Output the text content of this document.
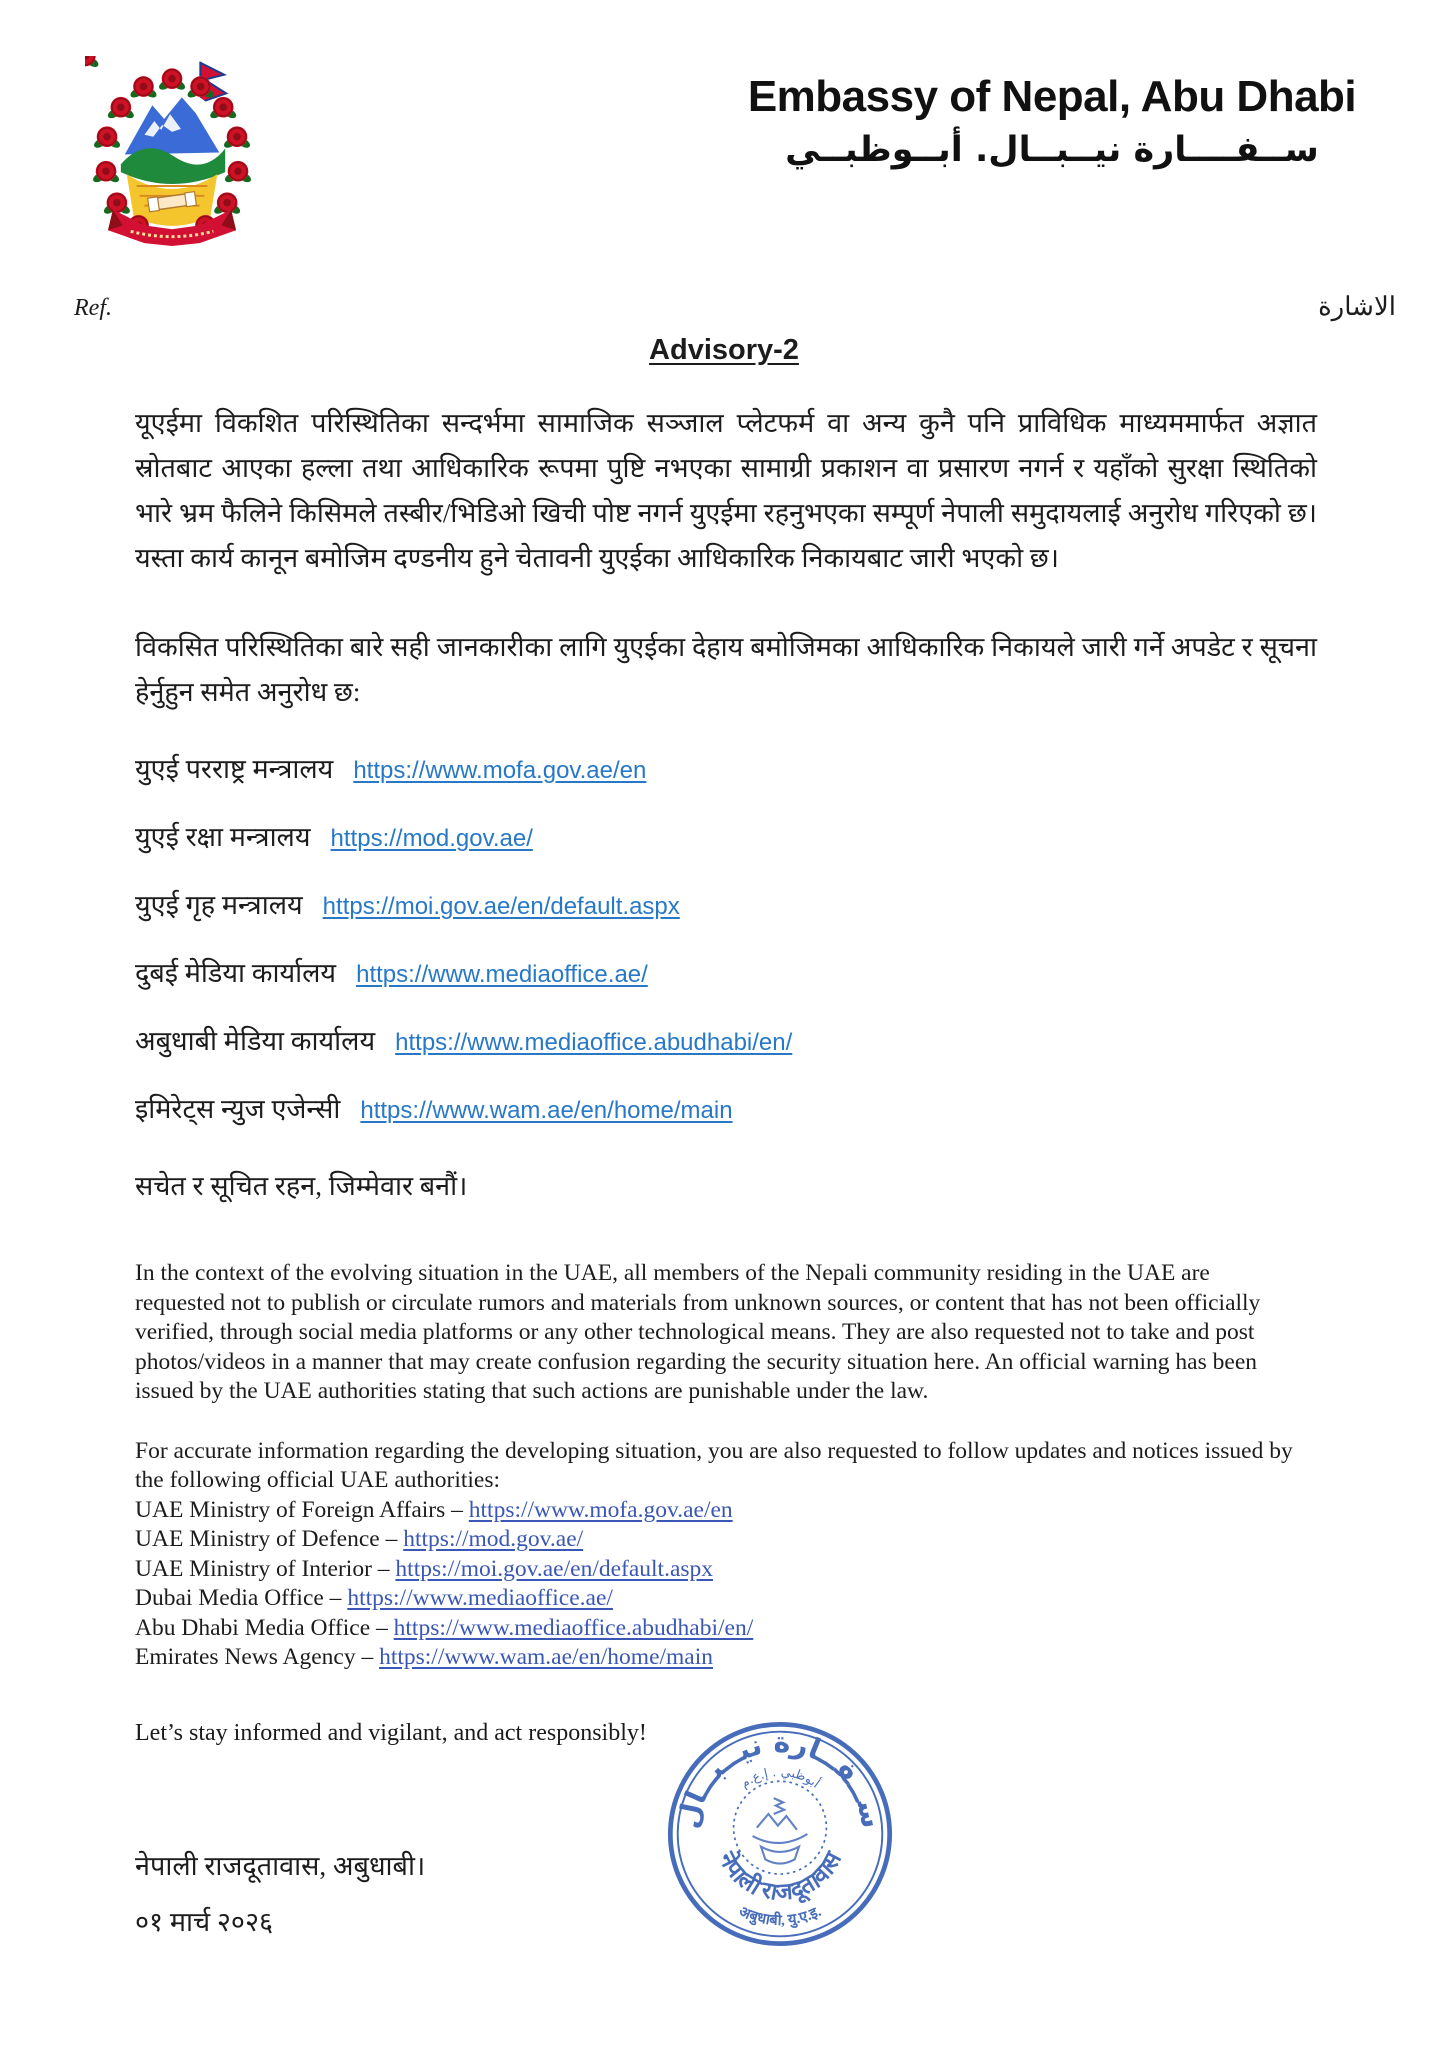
Embassy of Nepal, Abu Dhabi
ســفــــارة نيــبــال. أبــوظبــي
Ref.	الاشارة
Advisory-2

यूएईमा विकशित परिस्थितिका सन्दर्भमा सामाजिक सञ्जाल प्लेटफर्म वा अन्य कुनै पनि प्राविधिक माध्यममार्फत अज्ञात स्रोतबाट आएका हल्ला तथा आधिकारिक रूपमा पुष्टि नभएका सामाग्री प्रकाशन वा प्रसारण नगर्न र यहाँको सुरक्षा स्थितिको भारे भ्रम फैलिने किसिमले तस्बीर/भिडिओ खिची पोष्ट नगर्न युएईमा रहनुभएका सम्पूर्ण नेपाली समुदायलाई अनुरोध गरिएको छ। यस्ता कार्य कानून बमोजिम दण्डनीय हुने चेतावनी युएईका आधिकारिक निकायबाट जारी भएको छ।

विकसित परिस्थितिका बारे सही जानकारीका लागि युएईका देहाय बमोजिमका आधिकारिक निकायले जारी गर्ने अपडेट र सूचना हेर्नुहुन समेत अनुरोध छ:

युएई परराष्ट्र मन्त्रालय https://www.mofa.gov.ae/en
युएई रक्षा मन्त्रालय https://mod.gov.ae/
युएई गृह मन्त्रालय https://moi.gov.ae/en/default.aspx
दुबई मेडिया कार्यालय https://www.mediaoffice.ae/
अबुधाबी मेडिया कार्यालय https://www.mediaoffice.abudhabi/en/
इमिरेट्स न्युज एजेन्सी https://www.wam.ae/en/home/main

सचेत र सूचित रहन, जिम्मेवार बनौं।

In the context of the evolving situation in the UAE, all members of the Nepali community residing in the UAE are requested not to publish or circulate rumors and materials from unknown sources, or content that has not been officially verified, through social media platforms or any other technological means. They are also requested not to take and post photos/videos in a manner that may create confusion regarding the security situation here. An official warning has been issued by the UAE authorities stating that such actions are punishable under the law.

For accurate information regarding the developing situation, you are also requested to follow updates and notices issued by the following official UAE authorities:
UAE Ministry of Foreign Affairs – https://www.mofa.gov.ae/en
UAE Ministry of Defence – https://mod.gov.ae/
UAE Ministry of Interior – https://moi.gov.ae/en/default.aspx
Dubai Media Office – https://www.mediaoffice.ae/
Abu Dhabi Media Office – https://www.mediaoffice.abudhabi/en/
Emirates News Agency – https://www.wam.ae/en/home/main

Let’s stay informed and vigilant, and act responsibly!

नेपाली राजदूतावास, अबुधाबी।
०१ मार्च २०२६
ســفــارة نيــبــال
أبوظبي . إ.ع.م
नेपाली राजदूतावास
अबुधाबी, यु.ए.इ.
